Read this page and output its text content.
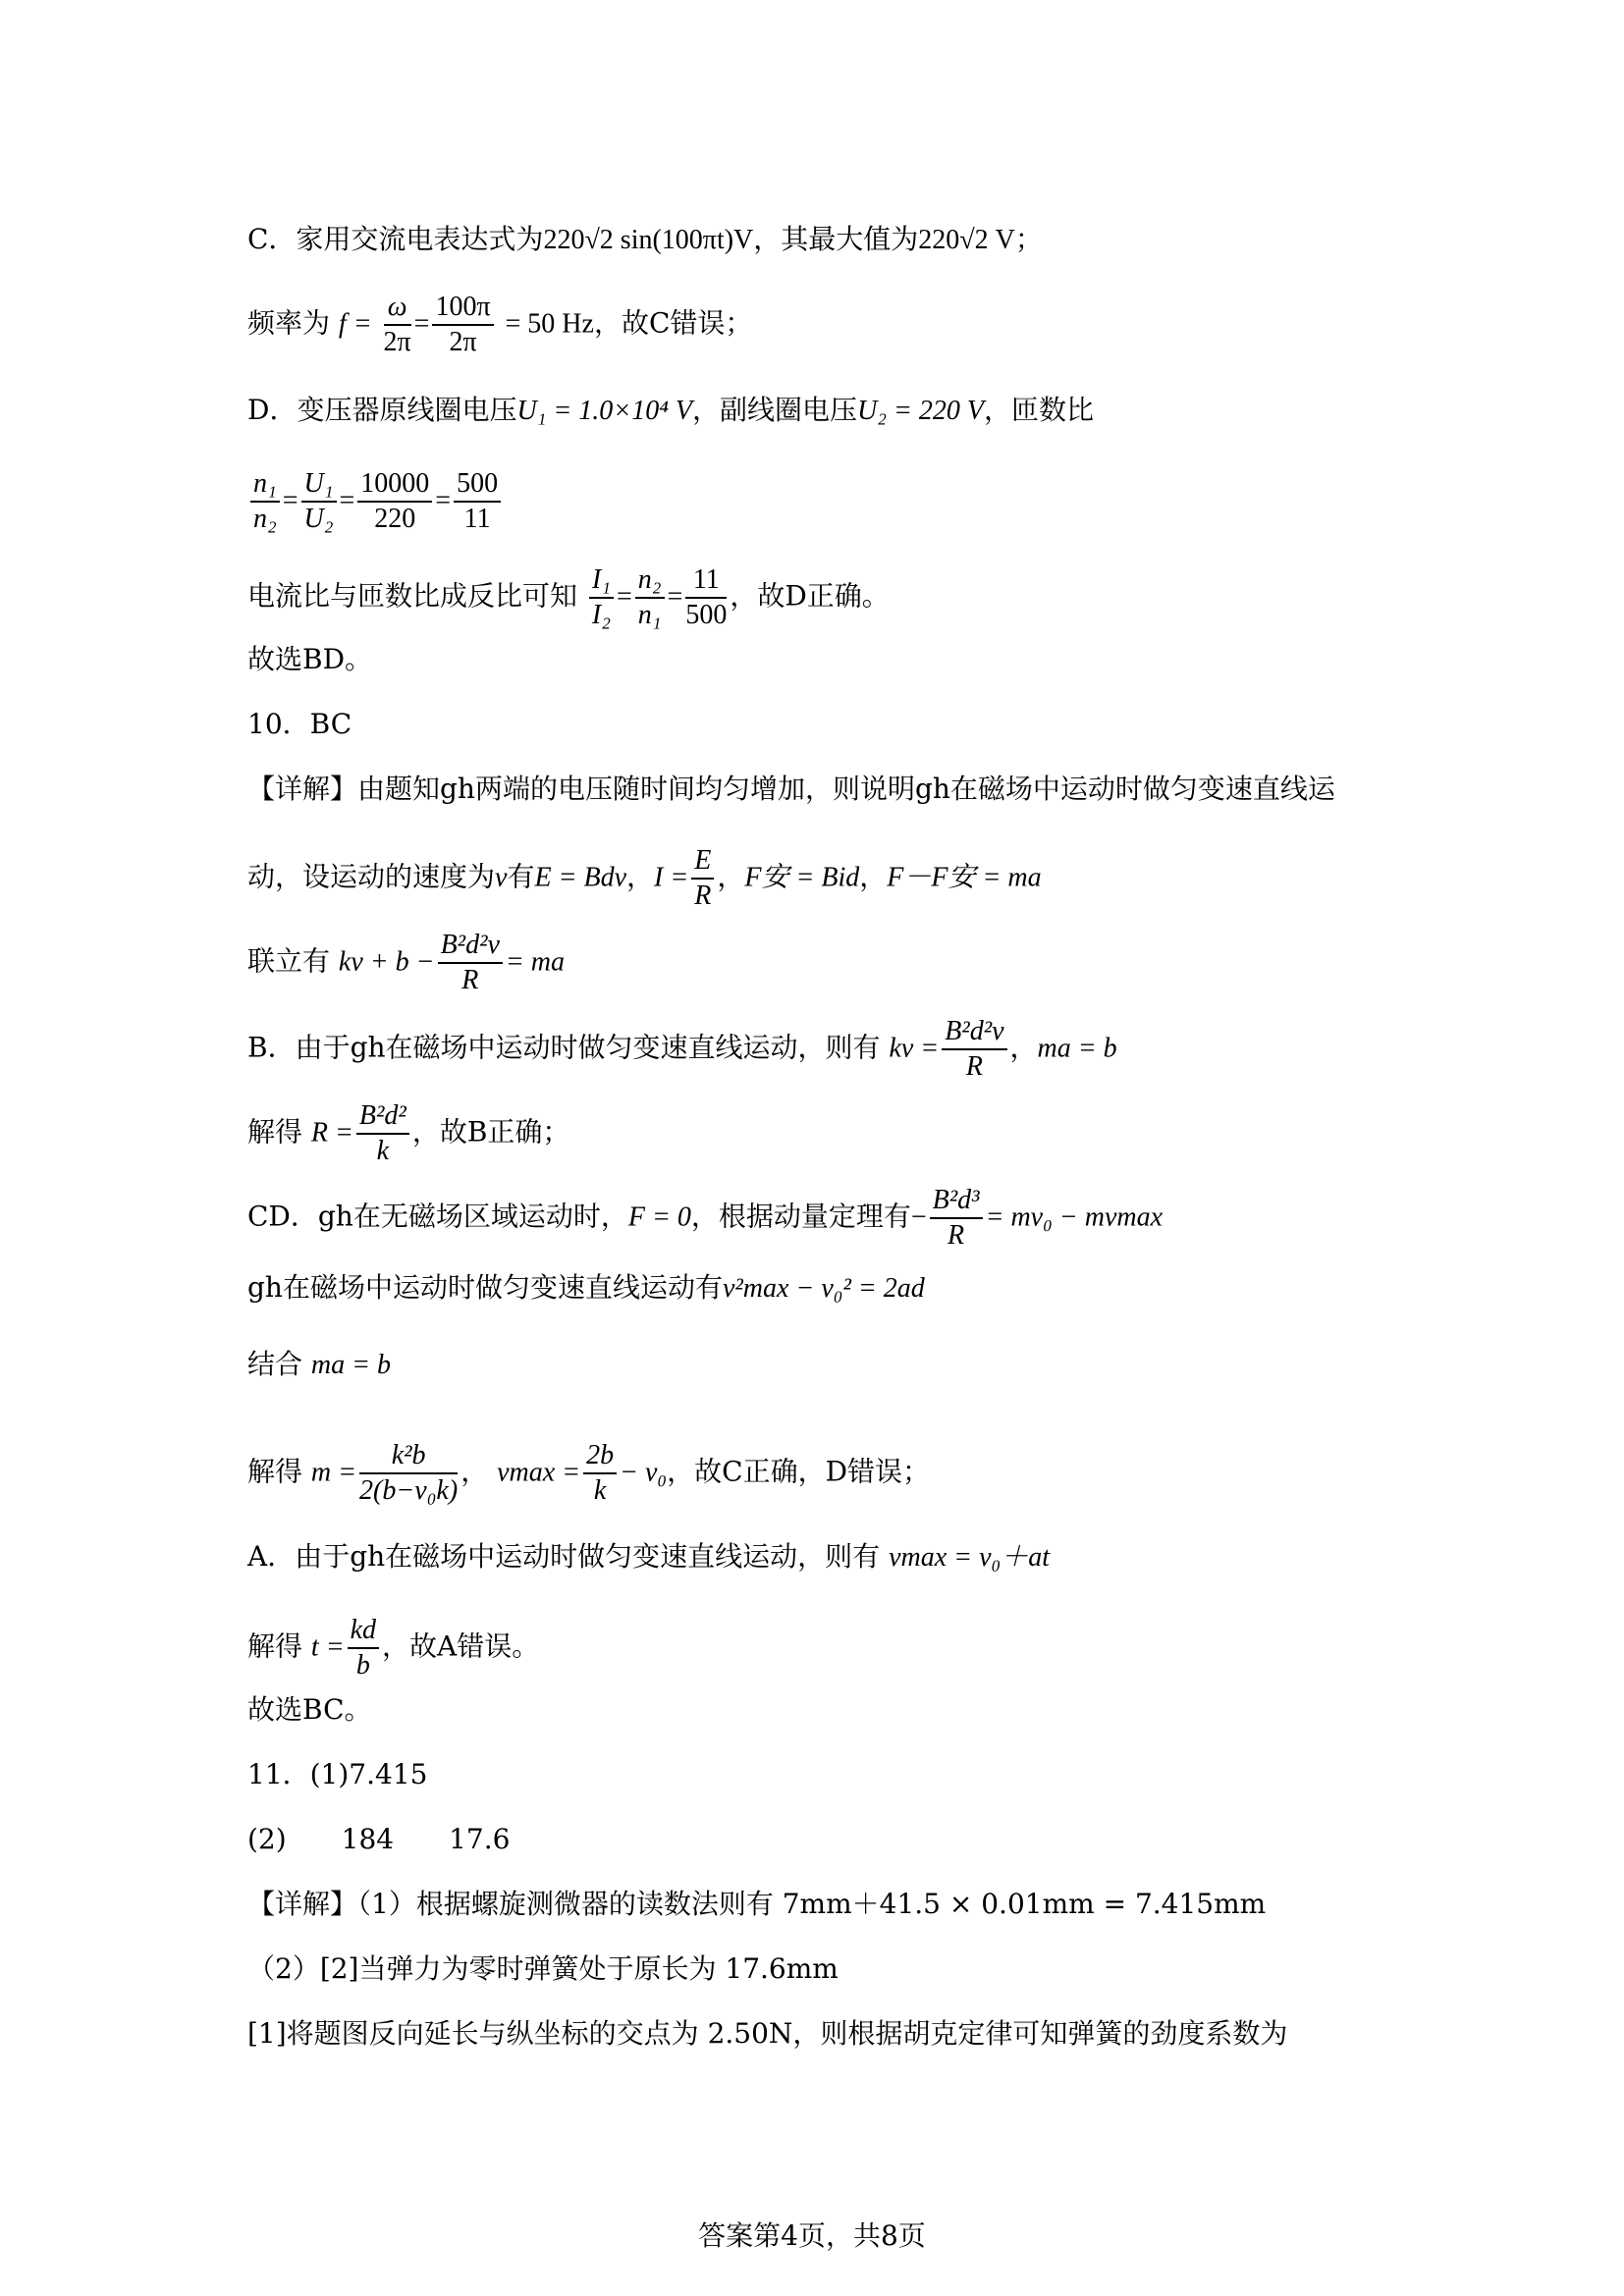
C．家用交流电表达式为220√2 sin(100πt)V，其最大值为220√2 V；
频率为 $f = \frac{\omega}{2\pi} = \frac{100\pi}{2\pi} = 50$ Hz，故C错误；
D．变压器原线圈电压U₁ = 1.0×10⁴ V，副线圈电压U₂ = 220 V，匝数比
$\frac{\text{n₁}}{\text{n₂}} = \frac{\text{U₁}}{\text{U₂}} = \frac{10000}{220} = \frac{500}{11}$
电流比与匝数比成反比可知 $\frac{\text{I₁}}{\text{I₂}} = \frac{\text{n₂}}{\text{n₁}} = \frac{11}{500}$ ，故D正确。
故选BD。
10．BC
【详解】由题知gh两端的电压随时间均匀增加，则说明gh在磁场中运动时做匀变速直线运
动，设运动的速度为v有E = Bdv，$I = \frac{E}{R}$ ，F安 = Bid，F－F安 = ma
联立有 kv + $b - \frac{\text{B²d²v}}{R}$ = ma
B．由于gh在磁场中运动时做匀变速直线运动，则有 kv = $\frac{\text{B²d²v}}{R}$ ，ma = b
解得 $R = \frac{\text{B²d²}}{k}$ ，故B正确；
CD．gh在无磁场区域运动时，F = 0，根据动量定理有− $\frac{\text{B²d³}}{R} = mv_0 - mvmax$
gh在磁场中运动时做匀变速直线运动有v²max − v₀² = 2ad
结合 ma = b
解得 $m = \frac{\text{k²b}}{\text{2(b−v₀k)}}$ ， $vmax = \frac{2b}{k} - v_0$，故C正确，D错误；
A．由于gh在磁场中运动时做匀变速直线运动，则有 vmax = v₀＋at
解得 $t = \frac{kd}{b}$ ，故A错误。
故选BC。
11．(1)7.415
(2)　　184　　17.6
【详解】（1）根据螺旋测微器的读数法则有 7mm＋41.5 × 0.01mm = 7.415mm
（2）[2]当弹力为零时弹簧处于原长为 17.6mm
[1]将题图反向延长与纵坐标的交点为 2.50N，则根据胡克定律可知弹簧的劲度系数为
答案第4页，共8页
